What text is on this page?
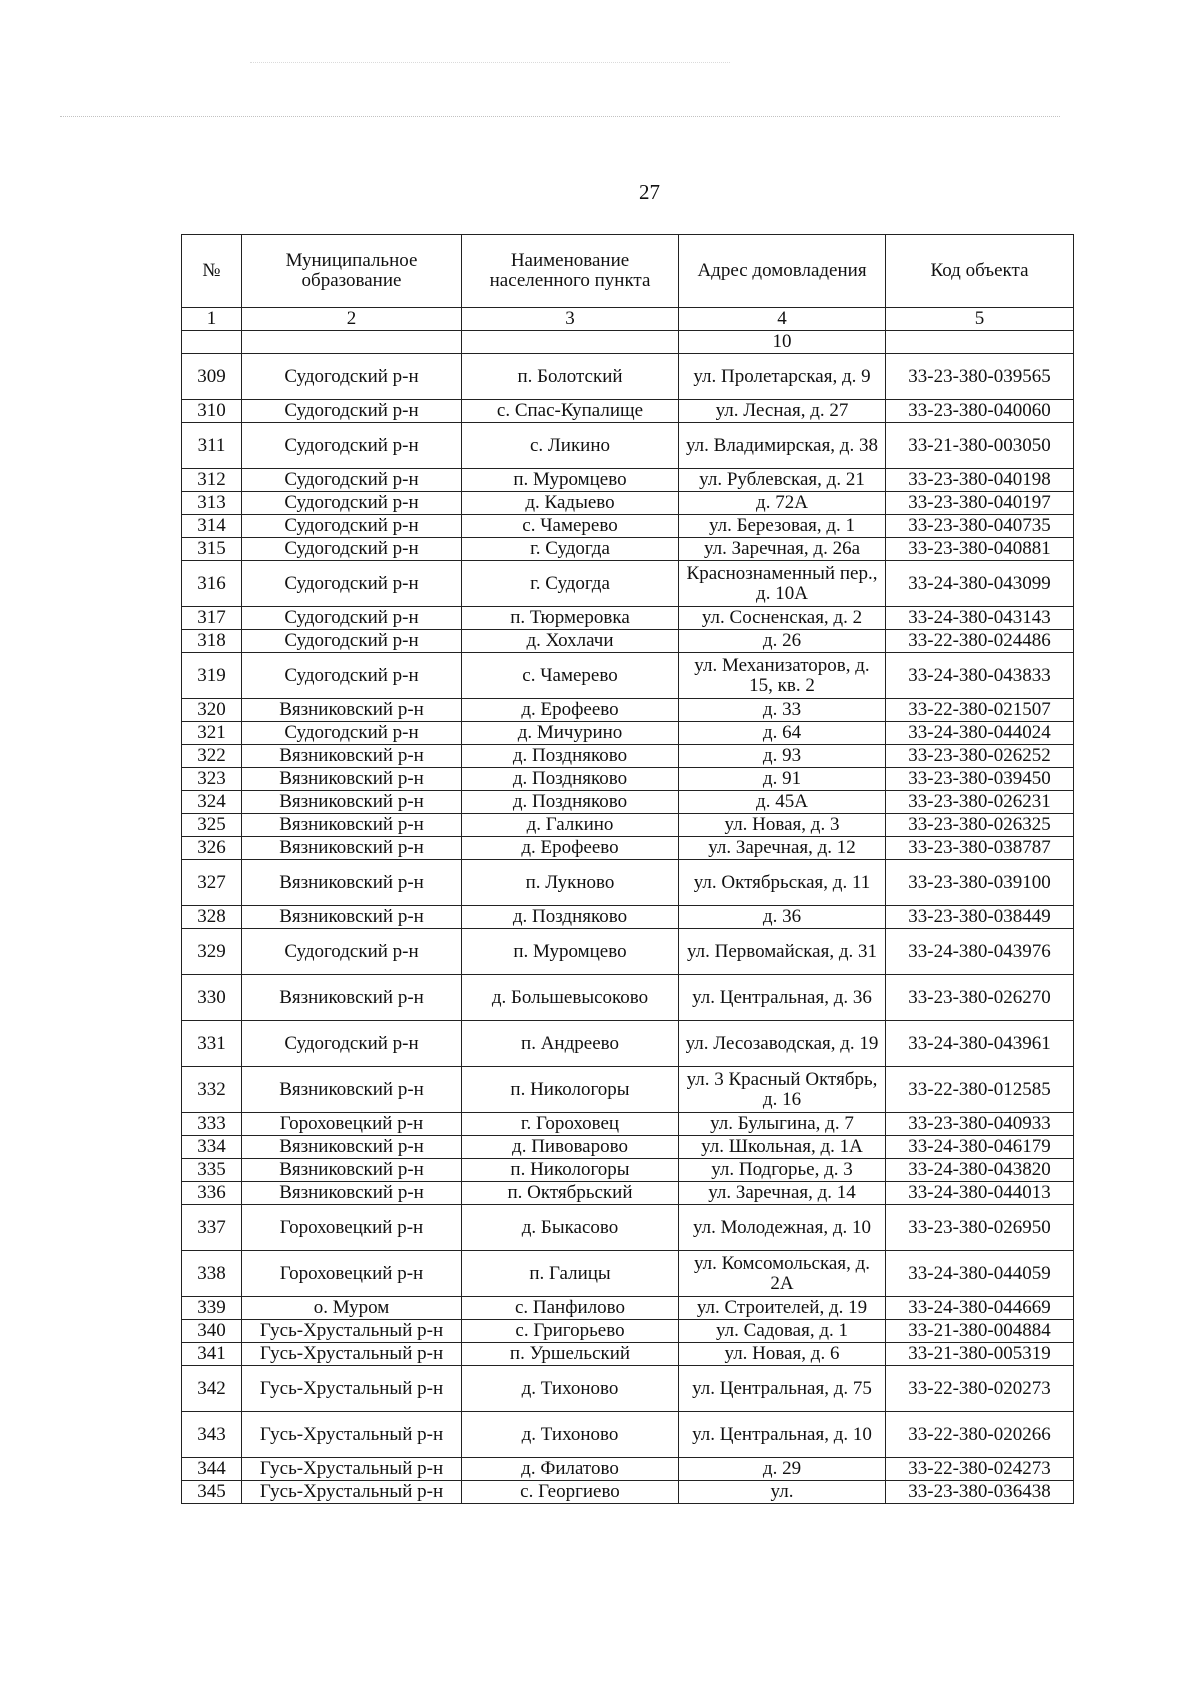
27
№	Муниципальное образование	Наименование населенного пункта	Адрес домовладения	Код объекта
1	2	3	4	5
			10	
309	Судогодский р-н	п. Болотский	ул. Пролетарская, д. 9	33-23-380-039565
310	Судогодский р-н	с. Спас-Купалище	ул. Лесная, д. 27	33-23-380-040060
311	Судогодский р-н	с. Ликино	ул. Владимирская, д. 38	33-21-380-003050
312	Судогодский р-н	п. Муромцево	ул. Рублевская, д. 21	33-23-380-040198
313	Судогодский р-н	д. Кадыево	д. 72А	33-23-380-040197
314	Судогодский р-н	с. Чамерево	ул. Березовая, д. 1	33-23-380-040735
315	Судогодский р-н	г. Судогда	ул. Заречная, д. 26а	33-23-380-040881
316	Судогодский р-н	г. Судогда	Краснознаменный пер., д. 10А	33-24-380-043099
317	Судогодский р-н	п. Тюрмеровка	ул. Сосненская, д. 2	33-24-380-043143
318	Судогодский р-н	д. Хохлачи	д. 26	33-22-380-024486
319	Судогодский р-н	с. Чамерево	ул. Механизаторов, д. 15, кв. 2	33-24-380-043833
320	Вязниковский р-н	д. Ерофеево	д. 33	33-22-380-021507
321	Судогодский р-н	д. Мичурино	д. 64	33-24-380-044024
322	Вязниковский р-н	д. Поздняково	д. 93	33-23-380-026252
323	Вязниковский р-н	д. Поздняково	д. 91	33-23-380-039450
324	Вязниковский р-н	д. Поздняково	д. 45А	33-23-380-026231
325	Вязниковский р-н	д. Галкино	ул. Новая, д. 3	33-23-380-026325
326	Вязниковский р-н	д. Ерофеево	ул. Заречная, д. 12	33-23-380-038787
327	Вязниковский р-н	п. Лукново	ул. Октябрьская, д. 11	33-23-380-039100
328	Вязниковский р-н	д. Поздняково	д. 36	33-23-380-038449
329	Судогодский р-н	п. Муромцево	ул. Первомайская, д. 31	33-24-380-043976
330	Вязниковский р-н	д. Большевысоково	ул. Центральная, д. 36	33-23-380-026270
331	Судогодский р-н	п. Андреево	ул. Лесозаводская, д. 19	33-24-380-043961
332	Вязниковский р-н	п. Никологоры	ул. 3 Красный Октябрь, д. 16	33-22-380-012585
333	Гороховецкий р-н	г. Гороховец	ул. Булыгина, д. 7	33-23-380-040933
334	Вязниковский р-н	д. Пивоварово	ул. Школьная, д. 1А	33-24-380-046179
335	Вязниковский р-н	п. Никологоры	ул. Подгорье, д. 3	33-24-380-043820
336	Вязниковский р-н	п. Октябрьский	ул. Заречная, д. 14	33-24-380-044013
337	Гороховецкий р-н	д. Быкасово	ул. Молодежная, д. 10	33-23-380-026950
338	Гороховецкий р-н	п. Галицы	ул. Комсомольская, д. 2А	33-24-380-044059
339	о. Муром	с. Панфилово	ул. Строителей, д. 19	33-24-380-044669
340	Гусь-Хрустальный р-н	с. Григорьево	ул. Садовая, д. 1	33-21-380-004884
341	Гусь-Хрустальный р-н	п. Уршельский	ул. Новая, д. 6	33-21-380-005319
342	Гусь-Хрустальный р-н	д. Тихоново	ул. Центральная, д. 75	33-22-380-020273
343	Гусь-Хрустальный р-н	д. Тихоново	ул. Центральная, д. 10	33-22-380-020266
344	Гусь-Хрустальный р-н	д. Филатово	д. 29	33-22-380-024273
345	Гусь-Хрустальный р-н	с. Георгиево	ул.	33-23-380-036438
